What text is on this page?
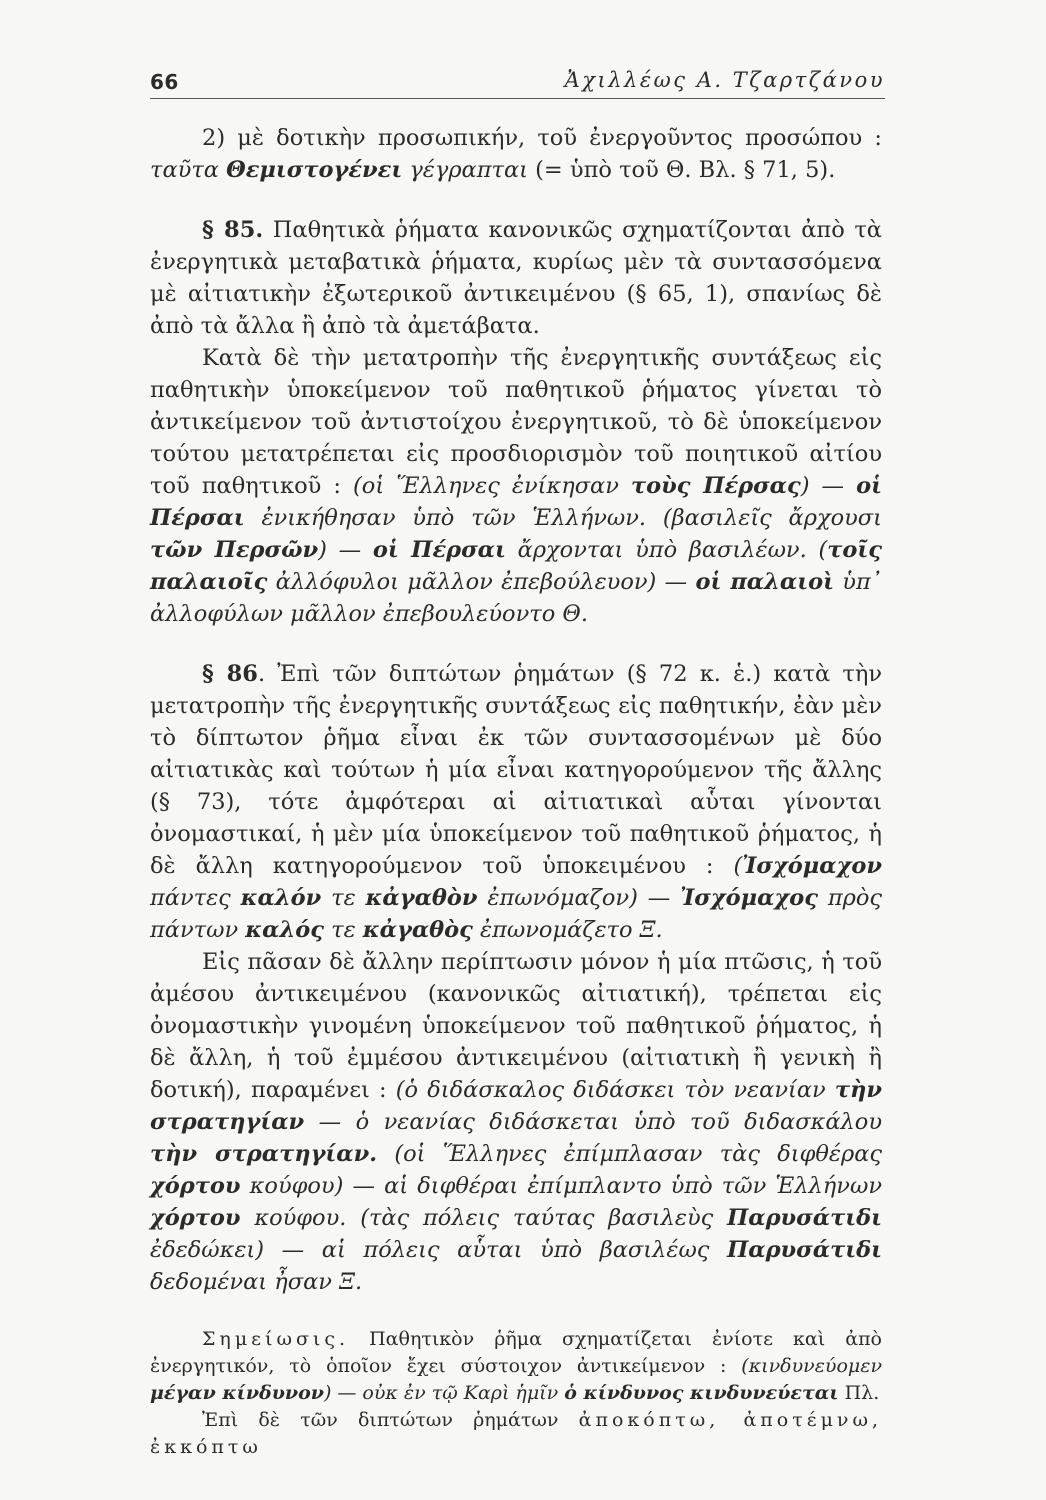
66	Ἀχιλλέως Α. Τζαρτζάνου

2) μὲ δοτικὴν προσωπικήν, τοῦ ἐνεργοῦντος προσώπου : ταῦτα Θεμιστογένει γέγραπται (= ὑπὸ τοῦ Θ. Βλ. § 71, 5).

§ 85. Παθητικὰ ῥήματα κανονικῶς σχηματίζονται ἀπὸ τὰ ἐνεργητικὰ μεταβατικὰ ῥήματα, κυρίως μὲν τὰ συντασσόμενα μὲ αἰτιατικὴν ἐξωτερικοῦ ἀντικειμένου (§ 65, 1), σπανίως δὲ ἀπὸ τὰ ἄλλα ἢ ἀπὸ τὰ ἀμετάβατα.

Κατὰ δὲ τὴν μετατροπὴν τῆς ἐνεργητικῆς συντάξεως εἰς παθητικὴν ὑποκείμενον τοῦ παθητικοῦ ῥήματος γίνεται τὸ ἀντικείμενον τοῦ ἀντιστοίχου ἐνεργητικοῦ, τὸ δὲ ὑποκείμενον τούτου μετατρέπεται εἰς προσδιορισμὸν τοῦ ποιητικοῦ αἰτίου τοῦ παθητικοῦ : (οἱ Ἕλληνες ἐνίκησαν τοὺς Πέρσας) — οἱ Πέρσαι ἐνικήθησαν ὑπὸ τῶν Ἑλλήνων. (βασιλεῖς ἄρχουσι τῶν Περσῶν) — οἱ Πέρσαι ἄρχονται ὑπὸ βασιλέων. (τοῖς παλαιοῖς ἀλλόφυλοι μᾶλλον ἐπεβούλευον) — οἱ παλαιοὶ ὑπ᾽ ἀλλοφύλων μᾶλλον ἐπεβουλεύοντο Θ.

§ 86. Ἐπὶ τῶν διπτώτων ῥημάτων (§ 72 κ. ἑ.) κατὰ τὴν μετατροπὴν τῆς ἐνεργητικῆς συντάξεως εἰς παθητικήν, ἐὰν μὲν τὸ δίπτωτον ῥῆμα εἶναι ἐκ τῶν συντασσομένων μὲ δύο αἰτιατικὰς καὶ τούτων ἡ μία εἶναι κατηγορούμενον τῆς ἄλλης (§ 73), τότε ἀμφότεραι αἱ αἰτιατικαὶ αὗται γίνονται ὀνομαστικαί, ἡ μὲν μία ὑποκείμενον τοῦ παθητικοῦ ῥήματος, ἡ δὲ ἄλλη κατηγορούμενον τοῦ ὑποκειμένου : (Ἰσχόμαχον πάντες καλόν τε κἀγαθὸν ἐπωνόμαζον) — Ἰσχόμαχος πρὸς πάντων καλός τε κἀγαθὸς ἐπωνομάζετο Ξ.

Εἰς πᾶσαν δὲ ἄλλην περίπτωσιν μόνον ἡ μία πτῶσις, ἡ τοῦ ἀμέσου ἀντικειμένου (κανονικῶς αἰτιατική), τρέπεται εἰς ὀνομαστικὴν γινομένη ὑποκείμενον τοῦ παθητικοῦ ῥήματος, ἡ δὲ ἄλλη, ἡ τοῦ ἐμμέσου ἀντικειμένου (αἰτιατικὴ ἢ γενικὴ ἢ δοτική), παραμένει : (ὁ διδάσκαλος διδάσκει τὸν νεανίαν τὴν στρατηγίαν — ὁ νεανίας διδάσκεται ὑπὸ τοῦ διδασκάλου τὴν στρατηγίαν. (οἱ Ἕλληνες ἐπίμπλασαν τὰς διφθέρας χόρτου κούφου) — αἱ διφθέραι ἐπίμπλαντο ὑπὸ τῶν Ἑλλήνων χόρτου κούφου. (τὰς πόλεις ταύτας βασιλεὺς Παρυσάτιδι ἐδεδώκει) — αἱ πόλεις αὗται ὑπὸ βασιλέως Παρυσάτιδι δεδομέναι ἦσαν Ξ.

Σημείωσις. Παθητικὸν ῥῆμα σχηματίζεται ἐνίοτε καὶ ἀπὸ ἐνεργητικόν, τὸ ὁποῖον ἔχει σύστοιχον ἀντικείμενον : (κινδυνεύομεν μέγαν κίνδυνον) — οὐκ ἐν τῷ Καρὶ ἡμῖν ὁ κίνδυνος κινδυνεύεται Πλ.

Ἐπὶ δὲ τῶν διπτώτων ῥημάτων ἀποκόπτω, ἀποτέμνω, ἐκκόπτω
